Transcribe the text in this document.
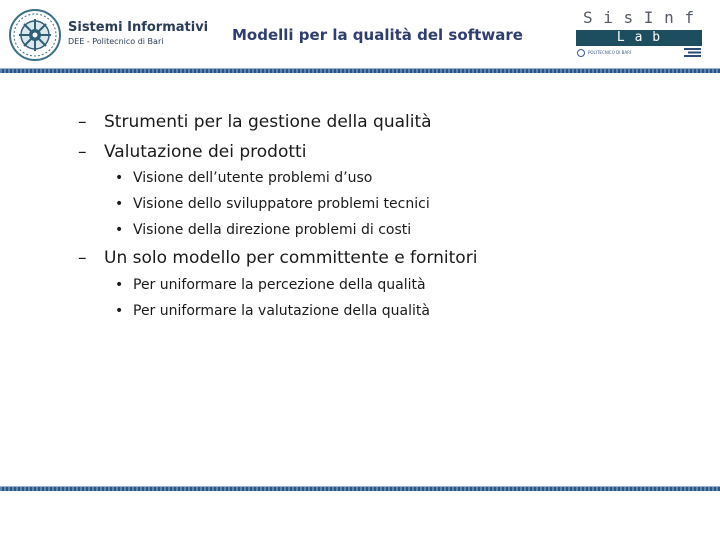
Sistemi Informativi
DEE - Politecnico di Bari	Modelli per la qualità del software
S i s I n f
L a b
POLITECNICO DI BARI
– Strumenti per la gestione della qualità
– Valutazione dei prodotti
• Visione dell’utente problemi d’uso
• Visione dello sviluppatore problemi tecnici
• Visione della direzione problemi di costi
– Un solo modello per committente e fornitori
• Per uniformare la percezione della qualità
• Per uniformare la valutazione della qualità
